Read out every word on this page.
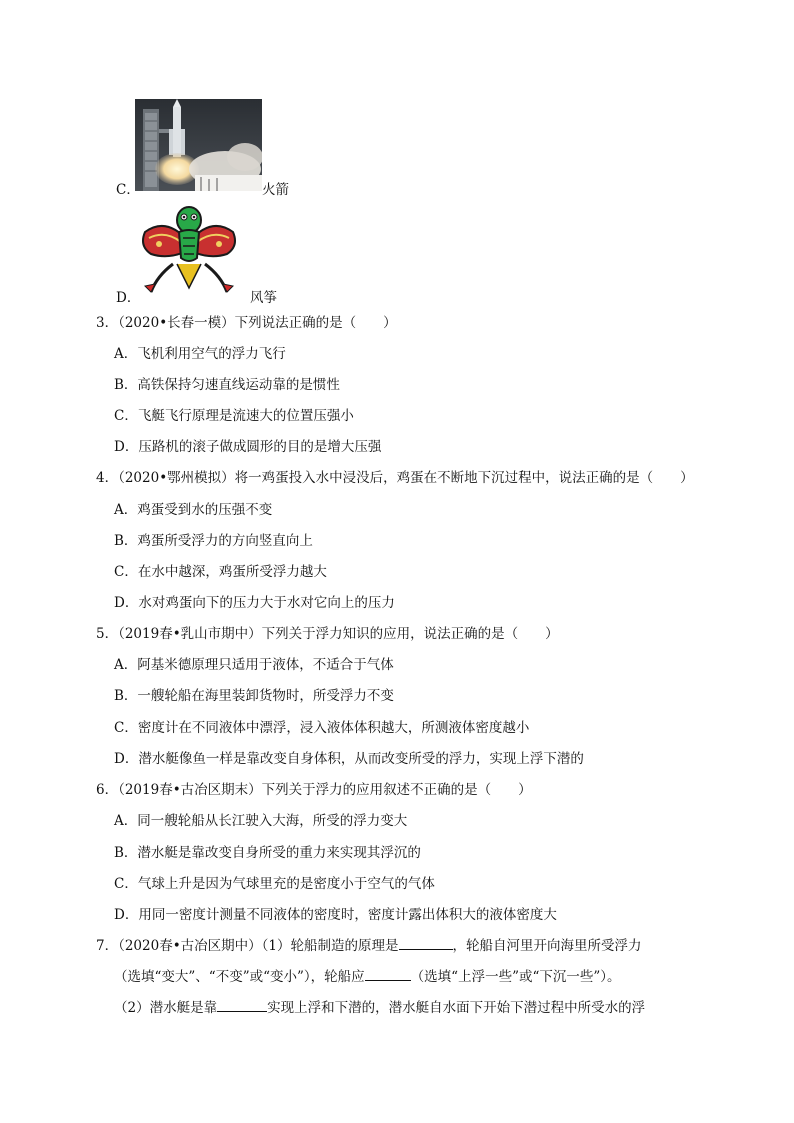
C．	火箭
D．	风筝
3．（2020•长春一模）下列说法正确的是（　　）
A．飞机利用空气的浮力飞行
B．高铁保持匀速直线运动靠的是惯性
C．飞艇飞行原理是流速大的位置压强小
D．压路机的滚子做成圆形的目的是增大压强
4．（2020•鄂州模拟）将一鸡蛋投入水中浸没后，鸡蛋在不断地下沉过程中，说法正确的是（　　）
A．鸡蛋受到水的压强不变
B．鸡蛋所受浮力的方向竖直向上
C．在水中越深，鸡蛋所受浮力越大
D．水对鸡蛋向下的压力大于水对它向上的压力
5．（2019春•乳山市期中）下列关于浮力知识的应用，说法正确的是（　　）
A．阿基米德原理只适用于液体，不适合于气体
B．一艘轮船在海里装卸货物时，所受浮力不变
C．密度计在不同液体中漂浮，浸入液体体积越大，所测液体密度越小
D．潜水艇像鱼一样是靠改变自身体积，从而改变所受的浮力，实现上浮下潜的
6．（2019春•古冶区期末）下列关于浮力的应用叙述不正确的是（　　）
A．同一艘轮船从长江驶入大海，所受的浮力变大
B．潜水艇是靠改变自身所受的重力来实现其浮沉的
C．气球上升是因为气球里充的是密度小于空气的气体
D．用同一密度计测量不同液体的密度时，密度计露出体积大的液体密度大
7．（2020春•古冶区期中）（1）轮船制造的原理是	，轮船自河里开向海里所受浮力
（选填“变大”、“不变”或“变小”），轮船应	（选填“上浮一些”或“下沉一些”）。
（2）潜水艇是靠	实现上浮和下潜的，潜水艇自水面下开始下潜过程中所受水的浮
